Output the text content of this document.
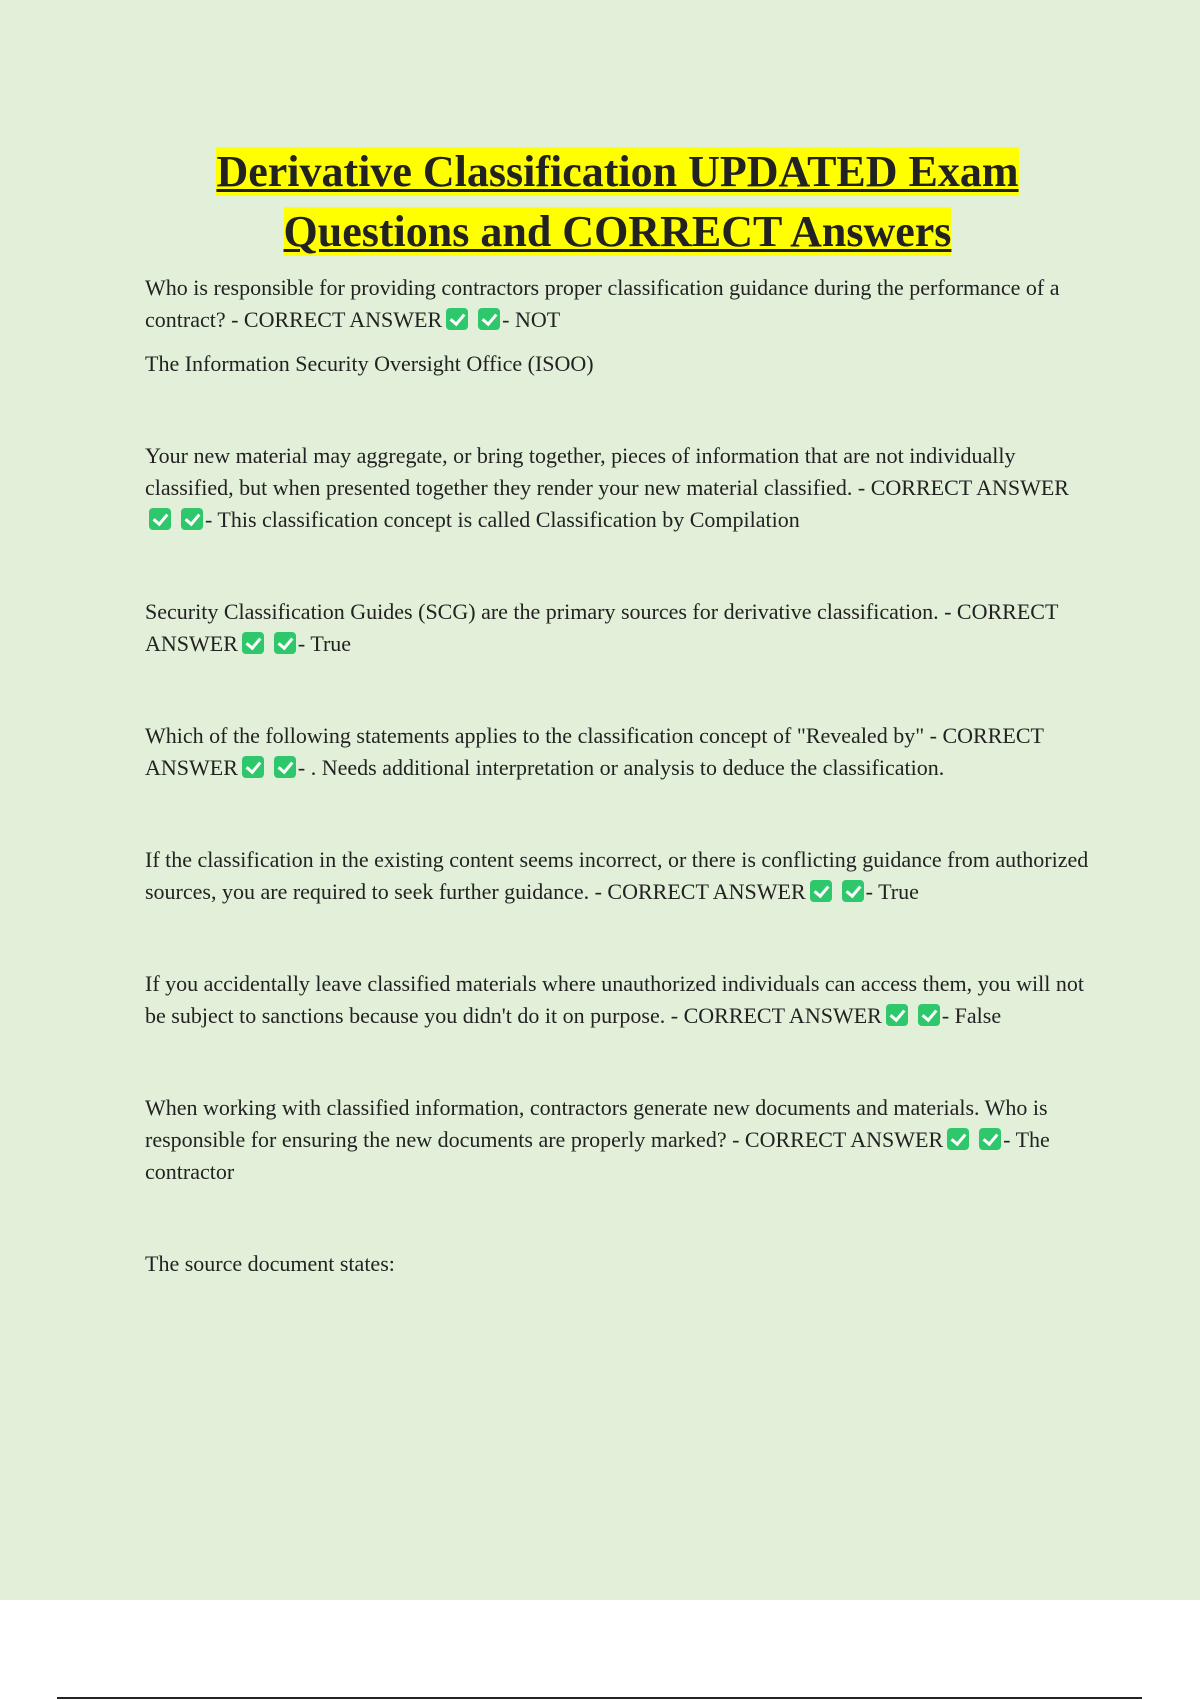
Derivative Classification UPDATED Exam
Questions and CORRECT Answers

Who is responsible for providing contractors proper classification guidance during the performance of a contract? - CORRECT ANSWER	- NOT

The Information Security Oversight Office (ISOO)

Your new material may aggregate, or bring together, pieces of information that are not individually classified, but when presented together they render your new material classified. - CORRECT ANSWER- This classification concept is called Classification by Compilation

Security Classification Guides (SCG) are the primary sources for derivative classification. - CORRECT ANSWER	- True

Which of the following statements applies to the classification concept of "Revealed by" - CORRECT ANSWER	- . Needs additional interpretation or analysis to deduce the classification.

If the classification in the existing content seems incorrect, or there is conflicting guidance from authorized sources, you are required to seek further guidance. - CORRECT ANSWER	- True

If you accidentally leave classified materials where unauthorized individuals can access them, you will not be subject to sanctions because you didn't do it on purpose. - CORRECT ANSWER	- False

When working with classified information, contractors generate new documents and materials. Who is responsible for ensuring the new documents are properly marked? - CORRECT ANSWER	- The contractor

The source document states:
